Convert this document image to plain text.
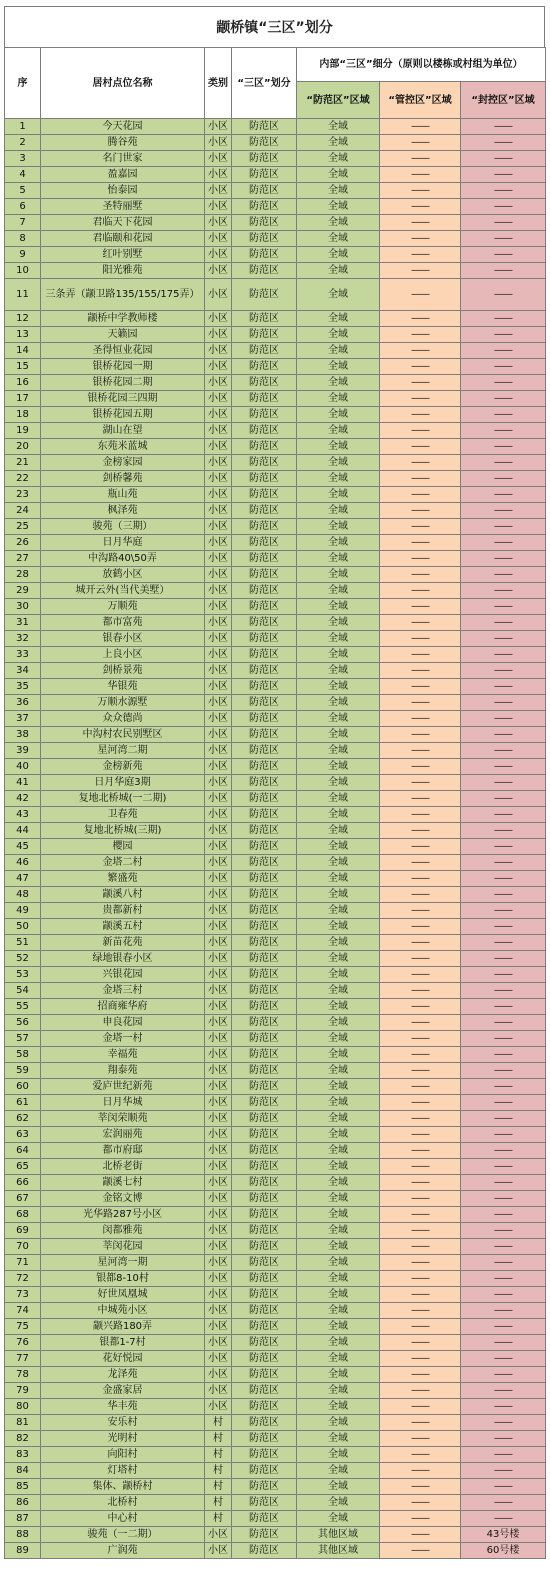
颛桥镇“三区”划分
序	居村点位名称	类别	“三区”划分	内部“三区”细分（原则以楼栋或村组为单位）		
				“防范区”区域	“管控区”区域	“封控区”区域
1	今天花园	小区	防范区	全域	——	——
2	腾谷苑	小区	防范区	全域	——	——
3	名门世家	小区	防范区	全域	——	——
4	盈嘉园	小区	防范区	全域	——	——
5	怡泰园	小区	防范区	全域	——	——
6	圣特丽墅	小区	防范区	全域	——	——
7	君临天下花园	小区	防范区	全域	——	——
8	君临颐和花园	小区	防范区	全域	——	——
9	红叶别墅	小区	防范区	全域	——	——
10	阳光雅苑	小区	防范区	全域	——	——
11	三条弄（颛卫路135/155/175弄）	小区	防范区	全域	——	——
12	颛桥中学教师楼	小区	防范区	全域	——	——
13	天籁园	小区	防范区	全域	——	——
14	圣得恒业花园	小区	防范区	全域	——	——
15	银桥花园一期	小区	防范区	全域	——	——
16	银桥花园二期	小区	防范区	全域	——	——
17	银桥花园三四期	小区	防范区	全域	——	——
18	银桥花园五期	小区	防范区	全域	——	——
19	湖山在望	小区	防范区	全域	——	——
20	东苑米蓝城	小区	防范区	全域	——	——
21	金榜家园	小区	防范区	全域	——	——
22	剑桥馨苑	小区	防范区	全域	——	——
23	瓶山苑	小区	防范区	全域	——	——
24	枫泽苑	小区	防范区	全域	——	——
25	骏苑（三期）	小区	防范区	全域	——	——
26	日月华庭	小区	防范区	全域	——	——
27	中沟路40\50弄	小区	防范区	全域	——	——
28	放鹤小区	小区	防范区	全域	——	——
29	城开云外(当代美墅）	小区	防范区	全域	——	——
30	万顺苑	小区	防范区	全域	——	——
31	都市富苑	小区	防范区	全域	——	——
32	银春小区	小区	防范区	全域	——	——
33	上良小区	小区	防范区	全域	——	——
34	剑桥景苑	小区	防范区	全域	——	——
35	华银苑	小区	防范区	全域	——	——
36	万顺水源墅	小区	防范区	全域	——	——
37	众众德尚	小区	防范区	全域	——	——
38	中沟村农民别墅区	小区	防范区	全域	——	——
39	星河湾二期	小区	防范区	全域	——	——
40	金榜新苑	小区	防范区	全域	——	——
41	日月华庭3期	小区	防范区	全域	——	——
42	复地北桥城(一二期)	小区	防范区	全域	——	——
43	卫春苑	小区	防范区	全域	——	——
44	复地北桥城(三期)	小区	防范区	全域	——	——
45	樱园	小区	防范区	全域	——	——
46	金塔二村	小区	防范区	全域	——	——
47	繁盛苑	小区	防范区	全域	——	——
48	颛溪八村	小区	防范区	全域	——	——
49	贵都新村	小区	防范区	全域	——	——
50	颛溪五村	小区	防范区	全域	——	——
51	新苗花苑	小区	防范区	全域	——	——
52	绿地银春小区	小区	防范区	全域	——	——
53	兴银花园	小区	防范区	全域	——	——
54	金塔三村	小区	防范区	全域	——	——
55	招商雍华府	小区	防范区	全域	——	——
56	申良花园	小区	防范区	全域	——	——
57	金塔一村	小区	防范区	全域	——	——
58	幸福苑	小区	防范区	全域	——	——
59	翔泰苑	小区	防范区	全域	——	——
60	爱庐世纪新苑	小区	防范区	全域	——	——
61	日月华城	小区	防范区	全域	——	——
62	莘闵荣顺苑	小区	防范区	全域	——	——
63	宏润丽苑	小区	防范区	全域	——	——
64	都市府邸	小区	防范区	全域	——	——
65	北桥老街	小区	防范区	全域	——	——
66	颛溪七村	小区	防范区	全域	——	——
67	金铭文博	小区	防范区	全域	——	——
68	光华路287号小区	小区	防范区	全域	——	——
69	闵都雅苑	小区	防范区	全域	——	——
70	莘闵花园	小区	防范区	全域	——	——
71	星河湾一期	小区	防范区	全域	——	——
72	银都8-10村	小区	防范区	全域	——	——
73	好世凤凰城	小区	防范区	全域	——	——
74	中城苑小区	小区	防范区	全域	——	——
75	颛兴路180弄	小区	防范区	全域	——	——
76	银都1-7村	小区	防范区	全域	——	——
77	花好悦园	小区	防范区	全域	——	——
78	龙泽苑	小区	防范区	全域	——	——
79	金盛家居	小区	防范区	全域	——	——
80	华丰苑	小区	防范区	全域	——	——
81	安乐村	村	防范区	全域	——	——
82	光明村	村	防范区	全域	——	——
83	向阳村	村	防范区	全域	——	——
84	灯塔村	村	防范区	全域	——	——
85	集体、颛桥村	村	防范区	全域	——	——
86	北桥村	村	防范区	全域	——	——
87	中心村	村	防范区	全域	——	——
88	骏苑（一二期）	小区	防范区	其他区域	——	43号楼
89	广润苑	小区	防范区	其他区域	——	60号楼
